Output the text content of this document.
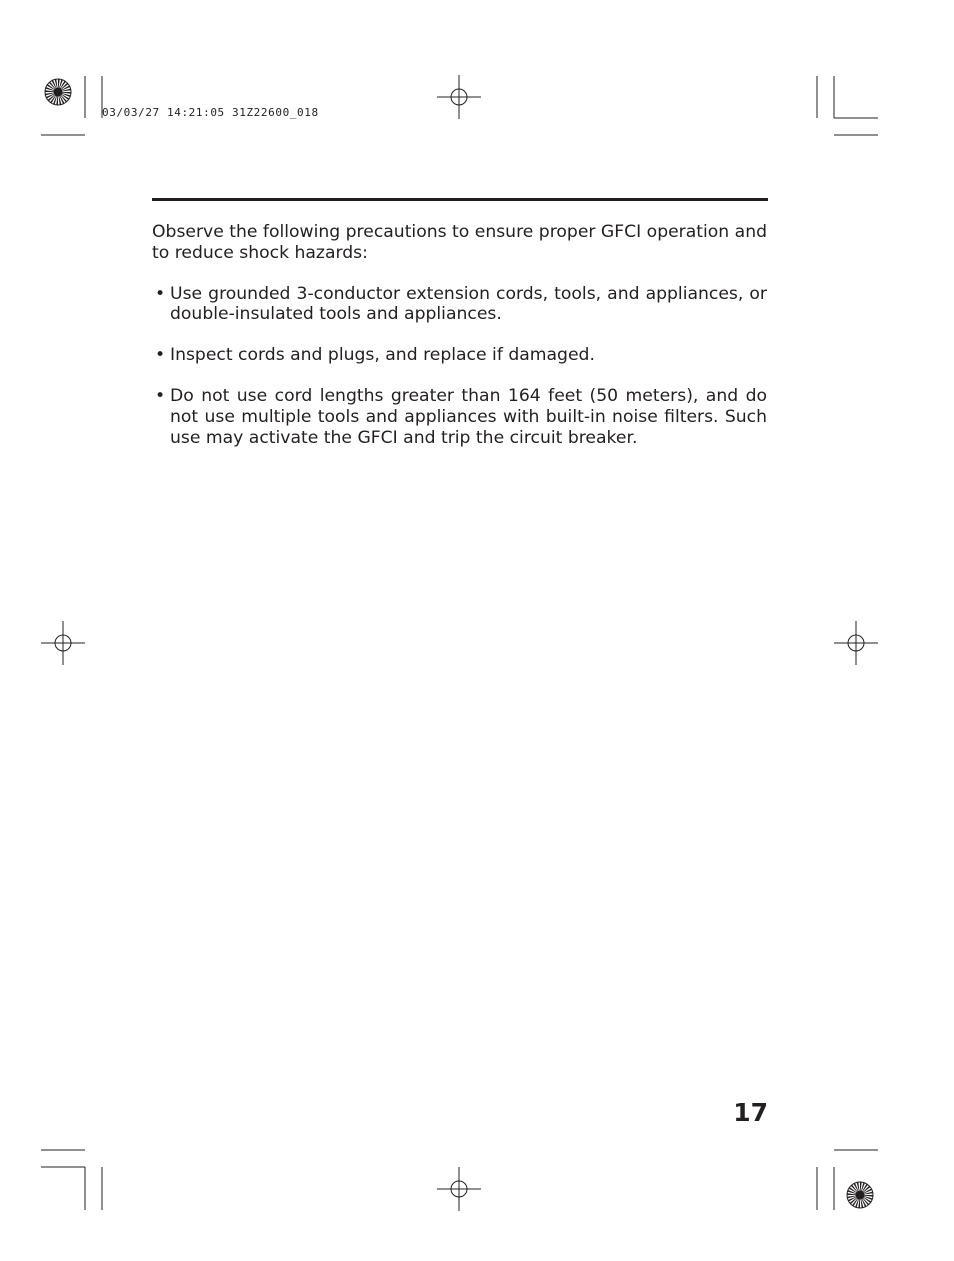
03/03/27 14:21:05 31Z22600_018

Observe the following precautions to ensure proper GFCI operation and to reduce shock hazards:

• Use grounded 3-conductor extension cords, tools, and appliances, or double-insulated tools and appliances.
• Inspect cords and plugs, and replace if damaged.
• Do not use cord lengths greater than 164 feet (50 meters), and do not use multiple tools and appliances with built-in noise filters. Such use may activate the GFCI and trip the circuit breaker.
17
